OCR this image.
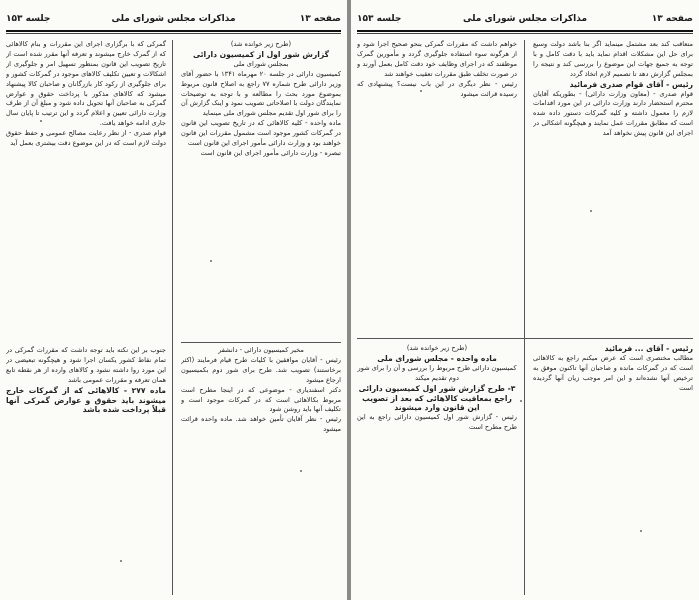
صفحه ۱۳
مذاکرات مجلس شورای ملی
جلسه ۱۵۳

(طرح زیر خوانده شد)

گزارش شور اول از کمیسیون دارائی

بمجلس شورای ملی

کمیسیون دارائی در جلسه ۲۰ مهرماه ۱۳۴۱ با حضور آقای وزیر دارائی طرح شماره ۷۷ راجع به اصلاح قانون مربوط بموضوع مورد بحث را مطالعه و با توجه به توضیحات نمایندگان دولت با اصلاحاتی تصویب نمود و اینک گزارش آن را برای شور اول تقدیم مجلس شورای ملی مینماید

ماده واحده - کلیه کالاهائی که در تاریخ تصویب این قانون در گمرکات کشور موجود است مشمول مقررات این قانون خواهند بود و وزارت دارائی مأمور اجرای این قانون است

تبصره - وزارت دارائی مأمور اجرای این قانون است

گمرکی که با برگزاری اجرای این مقررات و بنام کالاهائی که از گمرک خارج میشوند و تعرفه آنها مقرر شده است از تاریخ تصویب این قانون بمنظور تسهیل امر و جلوگیری از اشکالات و تعیین تکلیف کالاهای موجود در گمرکات کشور و برای جلوگیری از رکود کار بازرگانان و صاحبان کالا پیشنهاد میشود که کالاهای مذکور با پرداخت حقوق و عوارض گمرکی به صاحبان آنها تحویل داده شود و مبلغ آن از طرف وزارت دارائی تعیین و اعلام گردد و این ترتیب تا پایان سال جاری ادامه خواهد یافت.

قوام صدری - از نظر رعایت مصالح عمومی و حفظ حقوق دولت لازم است که در این موضوع دقت بیشتری بعمل آید

مخبر کمیسیون دارائی - دانشفر

رئیس - آقایان موافقین با کلیات طرح قیام فرمایند (اکثر برخاستند) تصویب شد. طرح برای شور دوم بکمیسیون ارجاع میشود

دکتر اسفندیاری - موضوعی که در اینجا مطرح است مربوط بکالاهائی است که در گمرکات موجود است و تکلیف آنها باید روشن شود

رئیس - نظر آقایان تأمین خواهد شد. ماده واحده قرائت میشود

جنوب بر این نکته باید توجه داشت که مقررات گمرکی در تمام نقاط کشور یکسان اجرا شود و هیچگونه تبعیضی در این مورد روا داشته نشود و کالاهای وارده از هر نقطه تابع همان تعرفه و مقررات عمومی باشد

ماده ۲۷۷ - کالاهائی که از گمرکات خارج میشوند باید حقوق و عوارض گمرکی آنها قبلاً پرداخت شده باشد

صفحه ۱۳
مذاکرات مجلس شورای ملی
جلسه ۱۵۳

متعاقب کند بعد مشتمل مینماید اگر بنا باشد دولت وسیع برای حل این مشکلات اقدام نماید باید با دقت کامل و با توجه به جمیع جهات این موضوع را بررسی کند و نتیجه را بمجلس گزارش دهد تا تصمیم لازم اتخاذ گردد

رئیس - آقای قوام صدری فرمائید

قوام صدری - (معاون وزارت دارائی) - بطوریکه آقایان محترم استحضار دارند وزارت دارائی در این مورد اقدامات لازم را معمول داشته و کلیه گمرکات دستور داده شده است که مطابق مقررات عمل نمایند و هیچگونه اشکالی در اجرای این قانون پیش نخواهد آمد

خواهم داشت که مقررات گمرکی بنحو صحیح اجرا شود و از هرگونه سوء استفاده جلوگیری گردد و مأمورین گمرک موظفند که در اجرای وظایف خود دقت کامل بعمل آورند و در صورت تخلف طبق مقررات تعقیب خواهند شد

رئیس - نظر دیگری در این باب نیست؟ پیشنهادی که رسیده قرائت میشود

رئیس - آقای ... فرمائید

مطالب مختصری است که عرض میکنم راجع به کالاهائی است که در گمرکات مانده و صاحبان آنها تاکنون موفق به ترخیص آنها نشده‌اند و این امر موجب زیان آنها گردیده است

(طرح زیر خوانده شد)

ماده واحده - مجلس شورای ملی

کمیسیون دارائی طرح مربوط را بررسی و آن را برای شور دوم تقدیم میکند

۳- طرح گزارش شور اول کمیسیون دارائی راجع بمعافیت کالاهائی که بعد از تصویب این قانون وارد میشوند

رئیس - گزارش شور اول کمیسیون دارائی راجع به این طرح مطرح است
